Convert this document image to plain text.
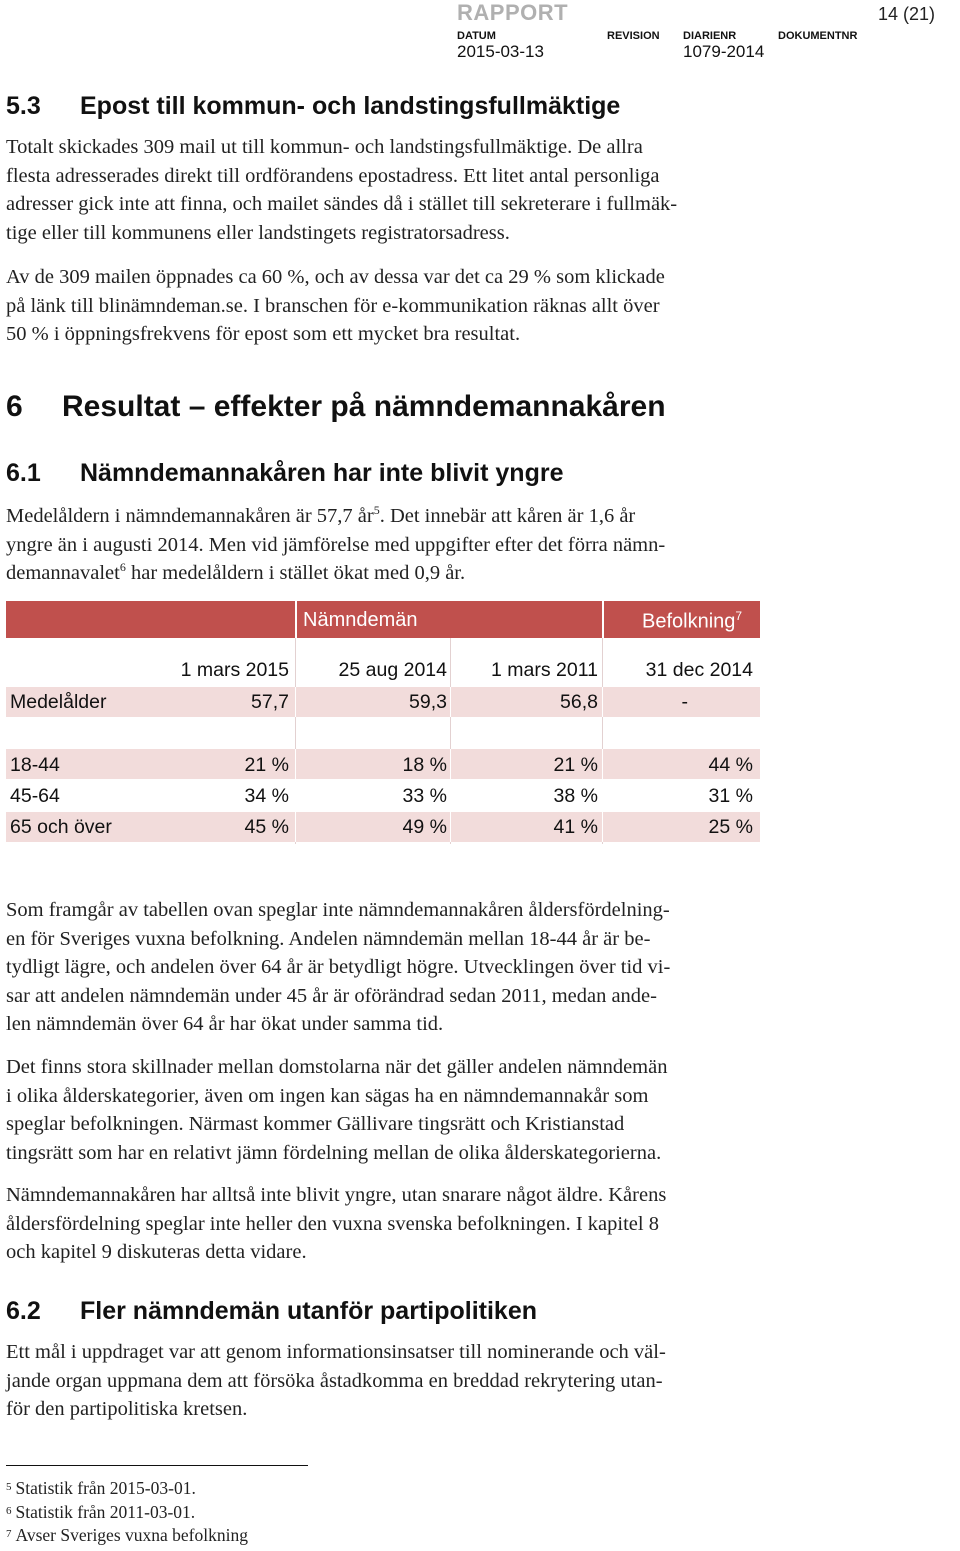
RAPPORT	14 (21)
DATUM
2015-03-13
REVISION DIARIENR
1079-2014
DOKUMENTNR
5.3 Epost till kommun- och landstingsfullmäktige
Totalt skickades 309 mail ut till kommun- och landstingsfullmäktige. De allra
flesta adresserades direkt till ordförandens epostadress. Ett litet antal personliga
adresser gick inte att finna, och mailet sändes då i stället till sekreterare i fullmäk-
tige eller till kommunens eller landstingets registratorsadress.
Av de 309 mailen öppnades ca 60 %, och av dessa var det ca 29 % som klickade
på länk till blinämndeman.se. I branschen för e-kommunikation räknas allt över
50 % i öppningsfrekvens för epost som ett mycket bra resultat.
6 Resultat – effekter på nämndemannakåren
6.1 Nämndemannakåren har inte blivit yngre
Medelåldern i nämndemannakåren är 57,7 $år^5$. Det innebär att kåren är 1,6 år
yngre än i augusti 2014. Men vid jämförelse med uppgifter efter det förra nämn-
demannavalet$^6$ har medelåldern i stället ökat med 0,9 år.
Nämndemän	Befolkning$^7$
1 mars 2015	25 aug 2014	1 mars 2011	31 dec 2014
Medelålder	57,7	59,3	56,8	-
18-44	21 %	18 %	21 %	44 %
45-64	34 %	33 %	38 %	31 %
65 och över	45 %	49 %	41 %	25 %
Som framgår av tabellen ovan speglar inte nämndemannakåren åldersfördelning-
en för Sveriges vuxna befolkning. Andelen nämndemän mellan 18-44 år är be-
tydligt lägre, och andelen över 64 år är betydligt högre. Utvecklingen över tid vi-
sar att andelen nämndemän under 45 år är oförändrad sedan 2011, medan ande-
len nämndemän över 64 år har ökat under samma tid.
Det finns stora skillnader mellan domstolarna när det gäller andelen nämndemän
i olika ålderskategorier, även om ingen kan sägas ha en nämndemannakår som
speglar befolkningen. Närmast kommer Gällivare tingsrätt och Kristianstad
tingsrätt som har en relativt jämn fördelning mellan de olika ålderskategorierna.
Nämndemannakåren har alltså inte blivit yngre, utan snarare något äldre. Kårens
åldersfördelning speglar inte heller den vuxna svenska befolkningen. I kapitel 8
och kapitel 9 diskuteras detta vidare.
6.2 Fler nämndemän utanför partipolitiken
Ett mål i uppdraget var att genom informationsinsatser till nominerande och väl-
jande organ uppmana dem att försöka åstadkomma en breddad rekrytering utan-
för den partipolitiska kretsen.
$^5$ Statistik från 2015-03-01.
$^6$ Statistik från 2011-03-01.
$^7$ Avser Sveriges vuxna befolkning
